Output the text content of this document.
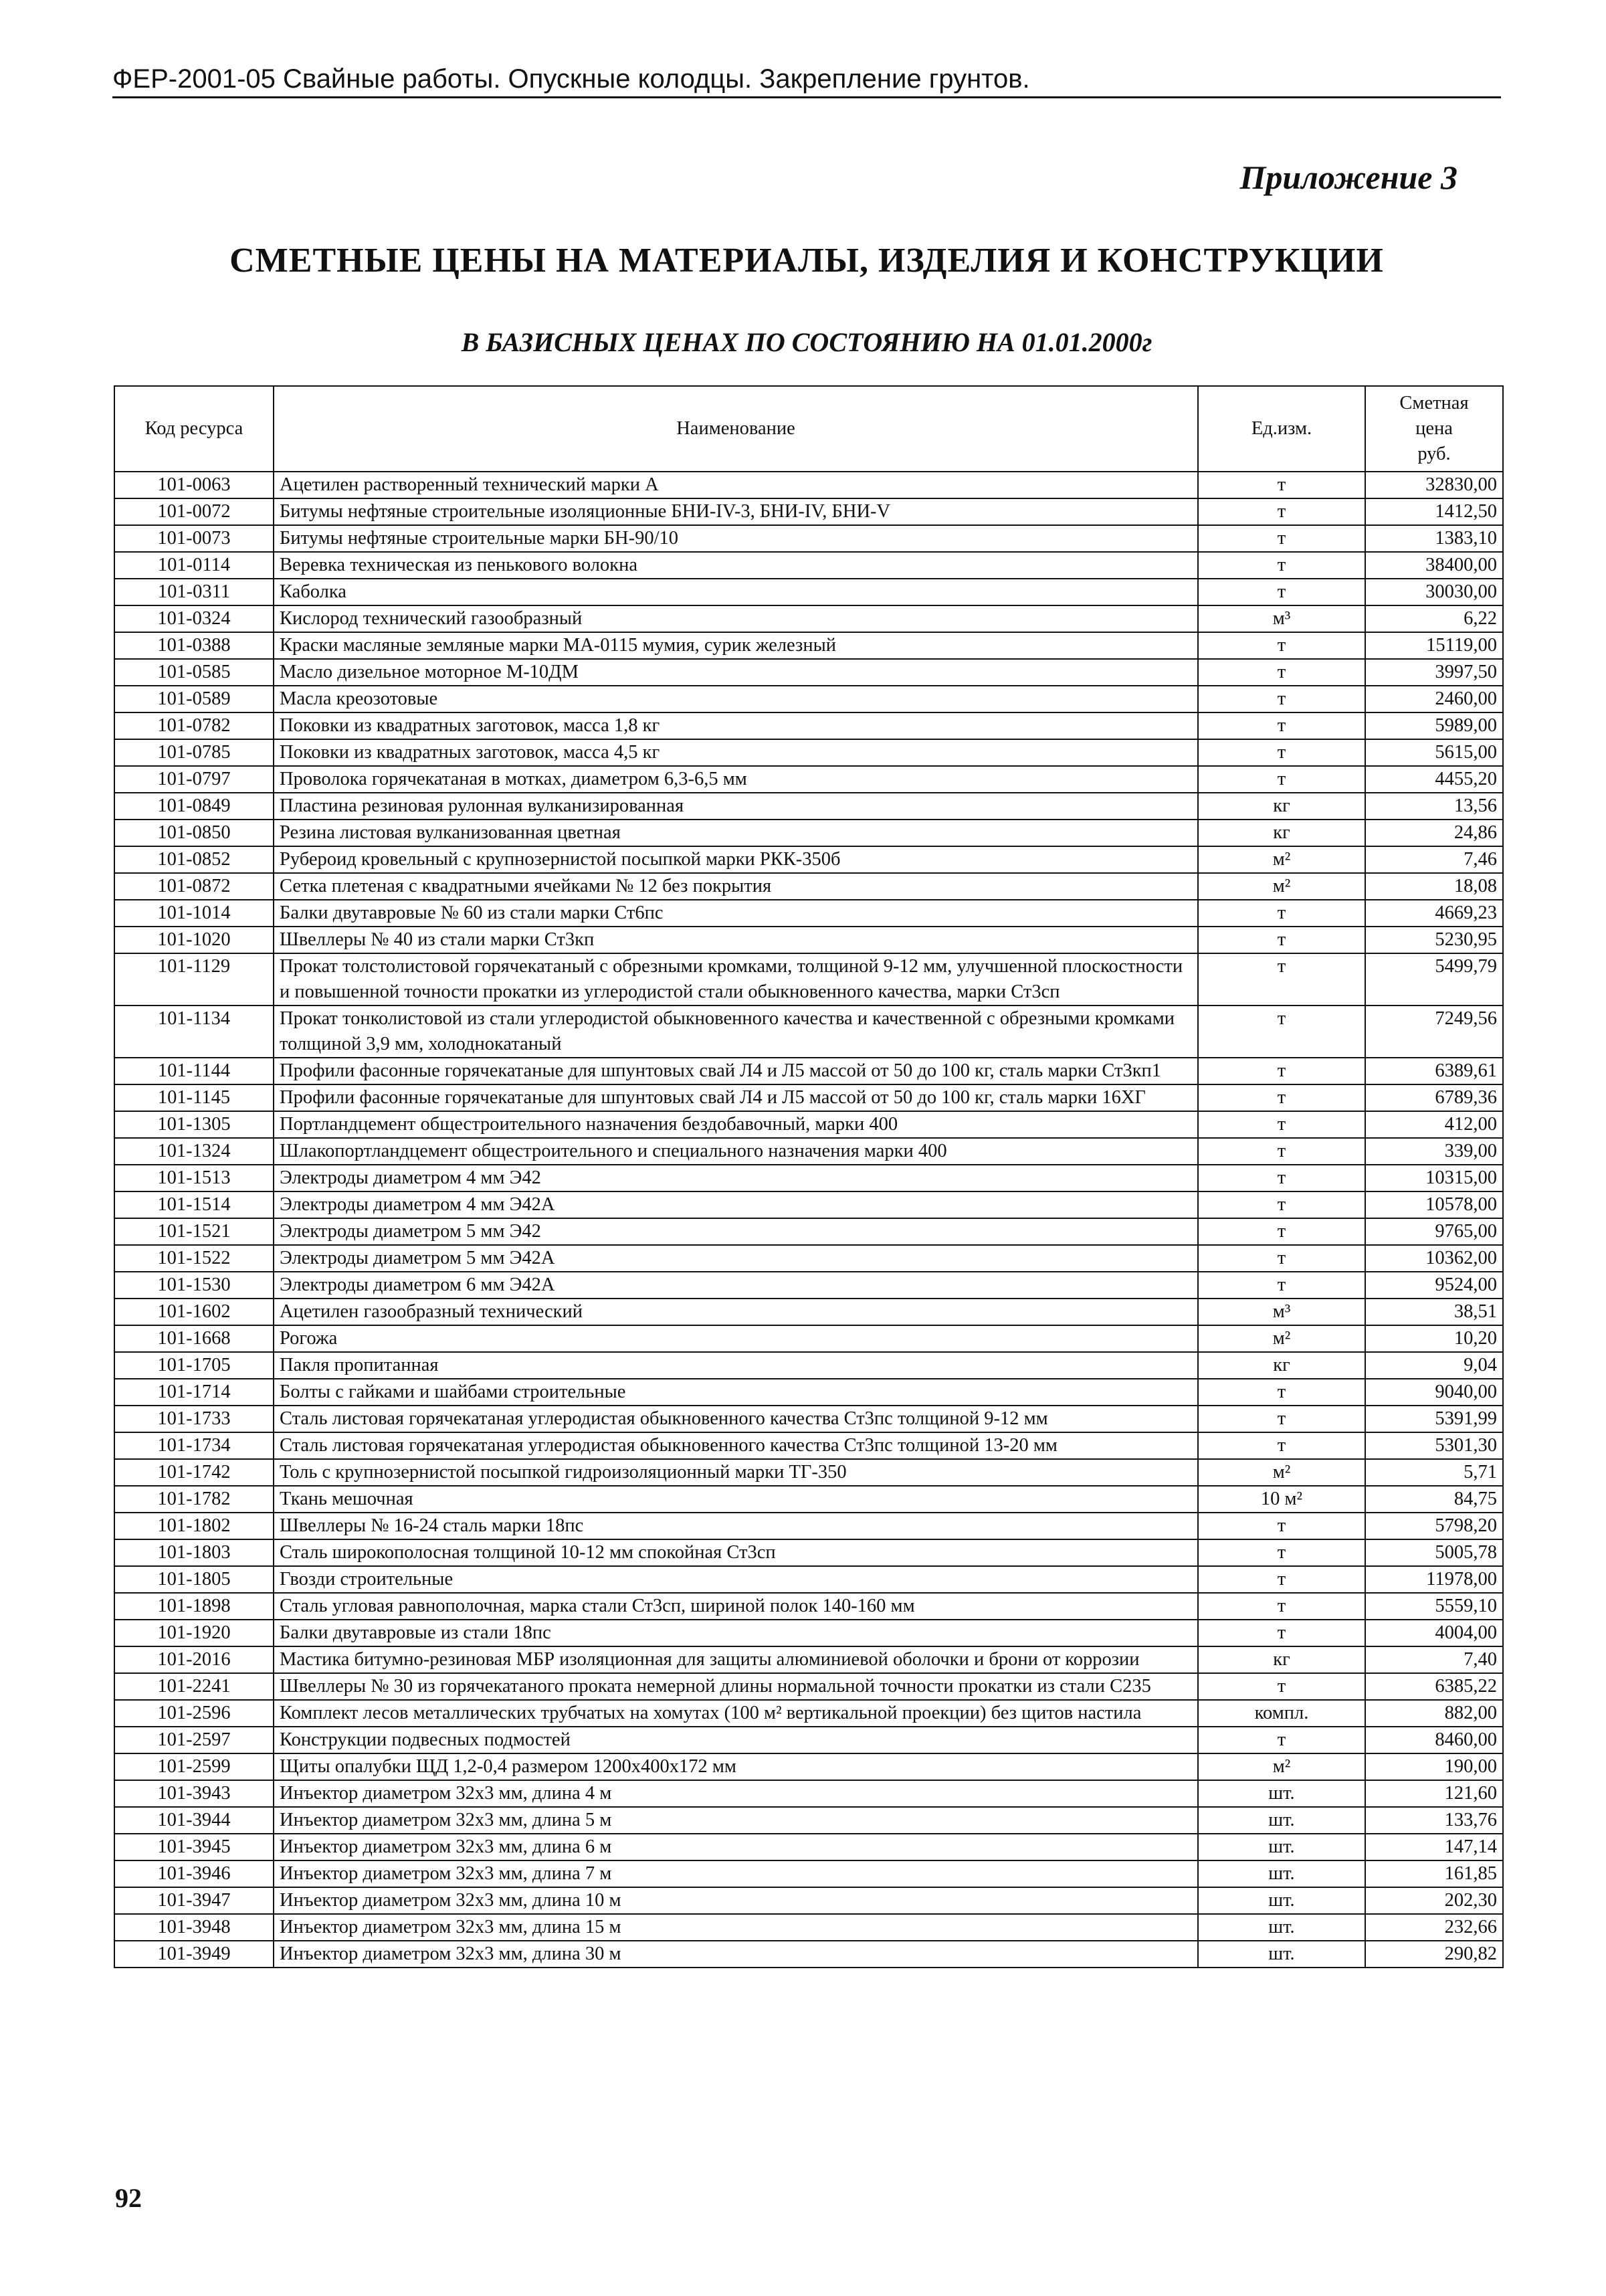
ФЕР-2001-05 Свайные работы. Опускные колодцы. Закрепление грунтов.
Приложение 3
СМЕТНЫЕ ЦЕНЫ НА МАТЕРИАЛЫ, ИЗДЕЛИЯ И КОНСТРУКЦИИ
В БАЗИСНЫХ ЦЕНАХ ПО СОСТОЯНИЮ НА 01.01.2000г
Код ресурса	Наименование	Ед.изм.	Сметная
цена
руб.

101-0063	Ацетилен растворенный технический марки А	т	32830,00
101-0072	Битумы нефтяные строительные изоляционные БНИ-IV-3, БНИ-IV, БНИ-V	т	1412,50
101-0073	Битумы нефтяные строительные марки БН-90/10	т	1383,10
101-0114	Веревка техническая из пенькового волокна	т	38400,00
101-0311	Каболка	т	30030,00
101-0324	Кислород технический газообразный	м³	6,22
101-0388	Краски масляные земляные марки МА-0115 мумия, сурик железный	т	15119,00
101-0585	Масло дизельное моторное М-10ДМ	т	3997,50
101-0589	Масла креозотовые	т	2460,00
101-0782	Поковки из квадратных заготовок, масса 1,8 кг	т	5989,00
101-0785	Поковки из квадратных заготовок, масса 4,5 кг	т	5615,00
101-0797	Проволока горячекатаная в мотках, диаметром 6,3-6,5 мм	т	4455,20
101-0849	Пластина резиновая рулонная вулканизированная	кг	13,56
101-0850	Резина листовая вулканизованная цветная	кг	24,86
101-0852	Рубероид кровельный с крупнозернистой посыпкой марки РКК-350б	м²	7,46
101-0872	Сетка плетеная с квадратными ячейками № 12 без покрытия	м²	18,08
101-1014	Балки двутавровые № 60 из стали марки Ст6пс	т	4669,23
101-1020	Швеллеры № 40 из стали марки Ст3кп	т	5230,95
101-1129	Прокат толстолистовой горячекатаный с обрезными кромками, толщиной 9-12 мм, улучшенной плоскостности и повышенной точности прокатки из углеродистой стали обыкновенного качества, марки Ст3сп	т	5499,79
101-1134	Прокат тонколистовой из стали углеродистой обыкновенного качества и качественной с обрезными кромками толщиной 3,9 мм, холоднокатаный	т	7249,56
101-1144	Профили фасонные горячекатаные для шпунтовых свай Л4 и Л5 массой от 50 до 100 кг, сталь марки Ст3кп1	т	6389,61
101-1145	Профили фасонные горячекатаные для шпунтовых свай Л4 и Л5 массой от 50 до 100 кг, сталь марки 16ХГ	т	6789,36
101-1305	Портландцемент общестроительного назначения бездобавочный, марки 400	т	412,00
101-1324	Шлакопортландцемент общестроительного и специального назначения марки 400	т	339,00
101-1513	Электроды диаметром 4 мм Э42	т	10315,00
101-1514	Электроды диаметром 4 мм Э42А	т	10578,00
101-1521	Электроды диаметром 5 мм Э42	т	9765,00
101-1522	Электроды диаметром 5 мм Э42А	т	10362,00
101-1530	Электроды диаметром 6 мм Э42А	т	9524,00
101-1602	Ацетилен газообразный технический	м³	38,51
101-1668	Рогожа	м²	10,20
101-1705	Пакля пропитанная	кг	9,04
101-1714	Болты с гайками и шайбами строительные	т	9040,00
101-1733	Сталь листовая горячекатаная углеродистая обыкновенного качества Ст3пс толщиной 9-12 мм	т	5391,99
101-1734	Сталь листовая горячекатаная углеродистая обыкновенного качества Ст3пс толщиной 13-20 мм	т	5301,30
101-1742	Толь с крупнозернистой посыпкой гидроизоляционный марки ТГ-350	м²	5,71
101-1782	Ткань мешочная	10 м²	84,75
101-1802	Швеллеры № 16-24 сталь марки 18пс	т	5798,20
101-1803	Сталь широкополосная толщиной 10-12 мм спокойная Ст3сп	т	5005,78
101-1805	Гвозди строительные	т	11978,00
101-1898	Сталь угловая равнополочная, марка стали Ст3сп, шириной полок 140-160 мм	т	5559,10
101-1920	Балки двутавровые из стали 18пс	т	4004,00
101-2016	Мастика битумно-резиновая МБР изоляционная для защиты алюминиевой оболочки и брони от коррозии	кг	7,40
101-2241	Швеллеры № 30 из горячекатаного проката немерной длины нормальной точности прокатки из стали С235	т	6385,22
101-2596	Комплект лесов металлических трубчатых на хомутах (100 м² вертикальной проекции) без щитов настила	компл.	882,00
101-2597	Конструкции подвесных подмостей	т	8460,00
101-2599	Щиты опалубки ЩД 1,2-0,4 размером 1200х400х172 мм	м²	190,00
101-3943	Инъектор диаметром 32х3 мм, длина 4 м	шт.	121,60
101-3944	Инъектор диаметром 32х3 мм, длина 5 м	шт.	133,76
101-3945	Инъектор диаметром 32х3 мм, длина 6 м	шт.	147,14
101-3946	Инъектор диаметром 32х3 мм, длина 7 м	шт.	161,85
101-3947	Инъектор диаметром 32х3 мм, длина 10 м	шт.	202,30
101-3948	Инъектор диаметром 32х3 мм, длина 15 м	шт.	232,66
101-3949	Инъектор диаметром 32х3 мм, длина 30 м	шт.	290,82
92
